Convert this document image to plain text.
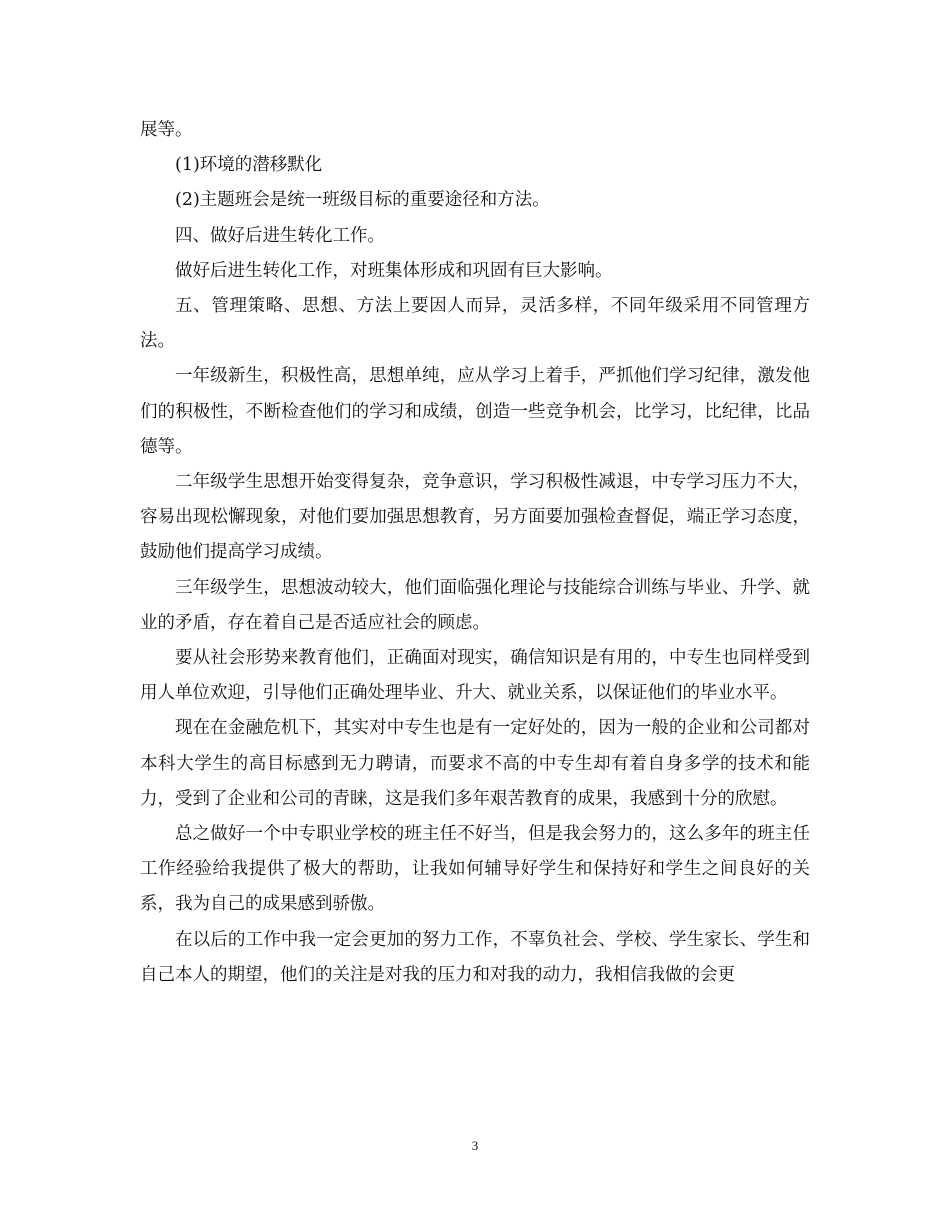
展等。

(1)环境的潜移默化

(2)主题班会是统一班级目标的重要途径和方法。

四、做好后进生转化工作。

做好后进生转化工作，对班集体形成和巩固有巨大影响。

五、管理策略、思想、方法上要因人而异，灵活多样，不同年级采用不同管理方法。

一年级新生，积极性高，思想单纯，应从学习上着手，严抓他们学习纪律，激发他们的积极性，不断检查他们的学习和成绩，创造一些竞争机会，比学习，比纪律，比品德等。

二年级学生思想开始变得复杂，竞争意识，学习积极性减退，中专学习压力不大，容易出现松懈现象，对他们要加强思想教育，另方面要加强检查督促，端正学习态度，鼓励他们提高学习成绩。

三年级学生，思想波动较大，他们面临强化理论与技能综合训练与毕业、升学、就业的矛盾，存在着自己是否适应社会的顾虑。

要从社会形势来教育他们，正确面对现实，确信知识是有用的，中专生也同样受到用人单位欢迎，引导他们正确处理毕业、升大、就业关系，以保证他们的毕业水平。

现在在金融危机下，其实对中专生也是有一定好处的，因为一般的企业和公司都对本科大学生的高目标感到无力聘请，而要求不高的中专生却有着自身多学的技术和能力，受到了企业和公司的青睐，这是我们多年艰苦教育的成果，我感到十分的欣慰。

总之做好一个中专职业学校的班主任不好当，但是我会努力的，这么多年的班主任工作经验给我提供了极大的帮助，让我如何辅导好学生和保持好和学生之间良好的关系，我为自己的成果感到骄傲。

在以后的工作中我一定会更加的努力工作，不辜负社会、学校、学生家长、学生和自己本人的期望，他们的关注是对我的压力和对我的动力，我相信我做的会更

3
